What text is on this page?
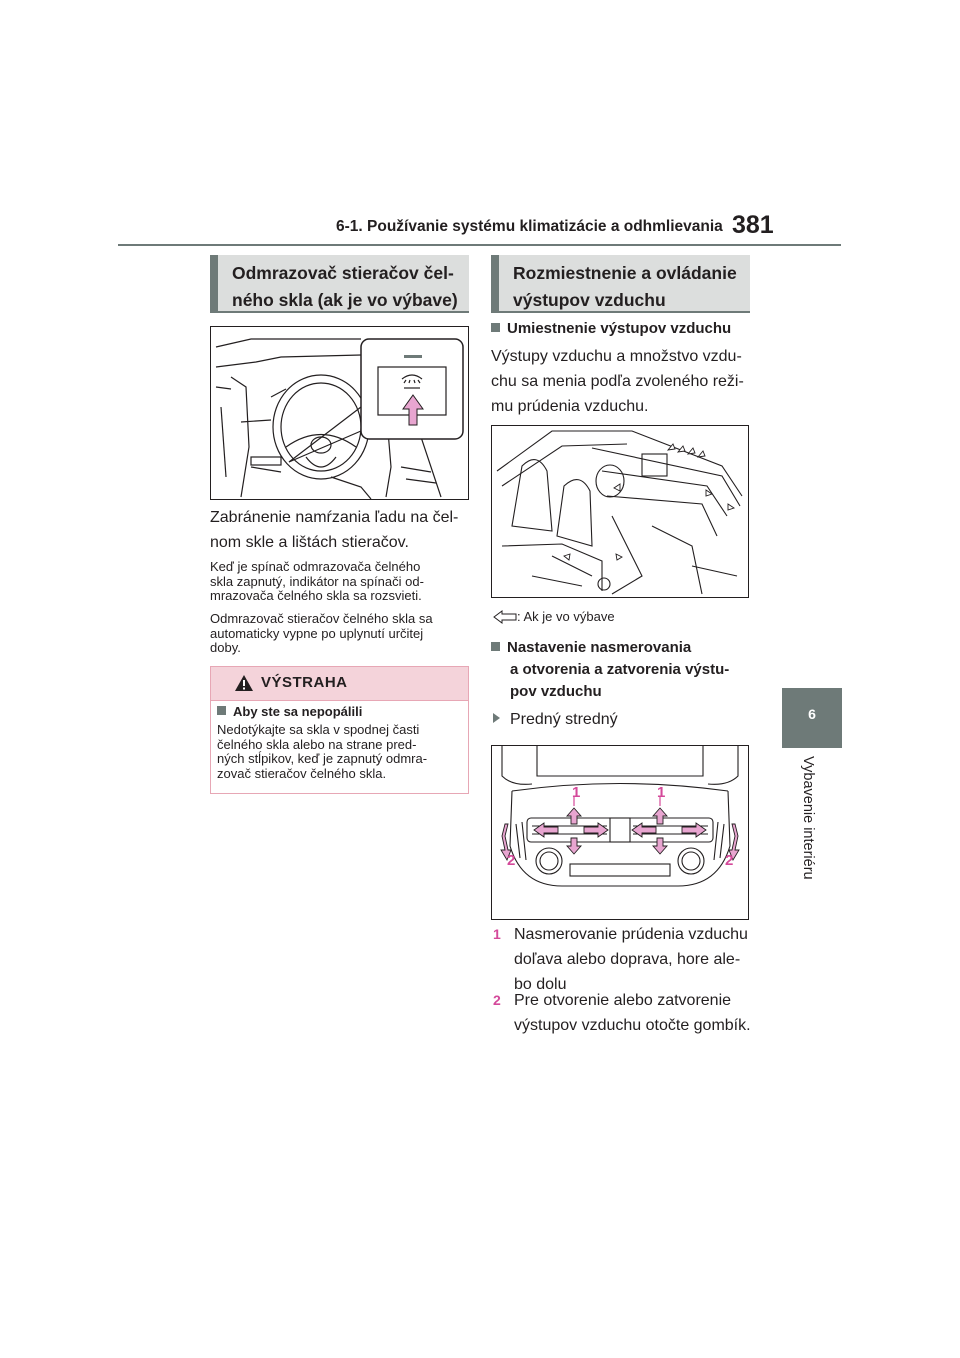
6-1. Používanie systému klimatizácie a odhmlievania 381
6
Vybavenie interiéru
Odmrazovač stieračov čel-
ného skla (ak je vo výbave)
Zabránenie namŕzania ľadu na čel-
nom skle a lištách stieračov.
Keď je spínač odmrazovača čelného
skla zapnutý, indikátor na spínači od-
mrazovača čelného skla sa rozsvieti.
Odmrazovač stieračov čelného skla sa
automaticky vypne po uplynutí určitej
doby.
VÝSTRAHA
Aby ste sa nepopálili
Nedotýkajte sa skla v spodnej časti
čelného skla alebo na strane pred-
ných stĺpikov, keď je zapnutý odmra-
zovač stieračov čelného skla.
Rozmiestnenie a ovládanie
výstupov vzduchu
Umiestnenie výstupov vzduchu
Výstupy vzduchu a množstvo vzdu-
chu sa menia podľa zvoleného reži-
mu prúdenia vzduchu.
: Ak je vo výbave
Nastavenie nasmerovania
a otvorenia a zatvorenia výstu-
pov vzduchu
Predný stredný
1	1
2	2
1 Nasmerovanie prúdenia vzduchu
doľava alebo doprava, hore ale-
bo dolu
2 Pre otvorenie alebo zatvorenie
výstupov vzduchu otočte gombík.
